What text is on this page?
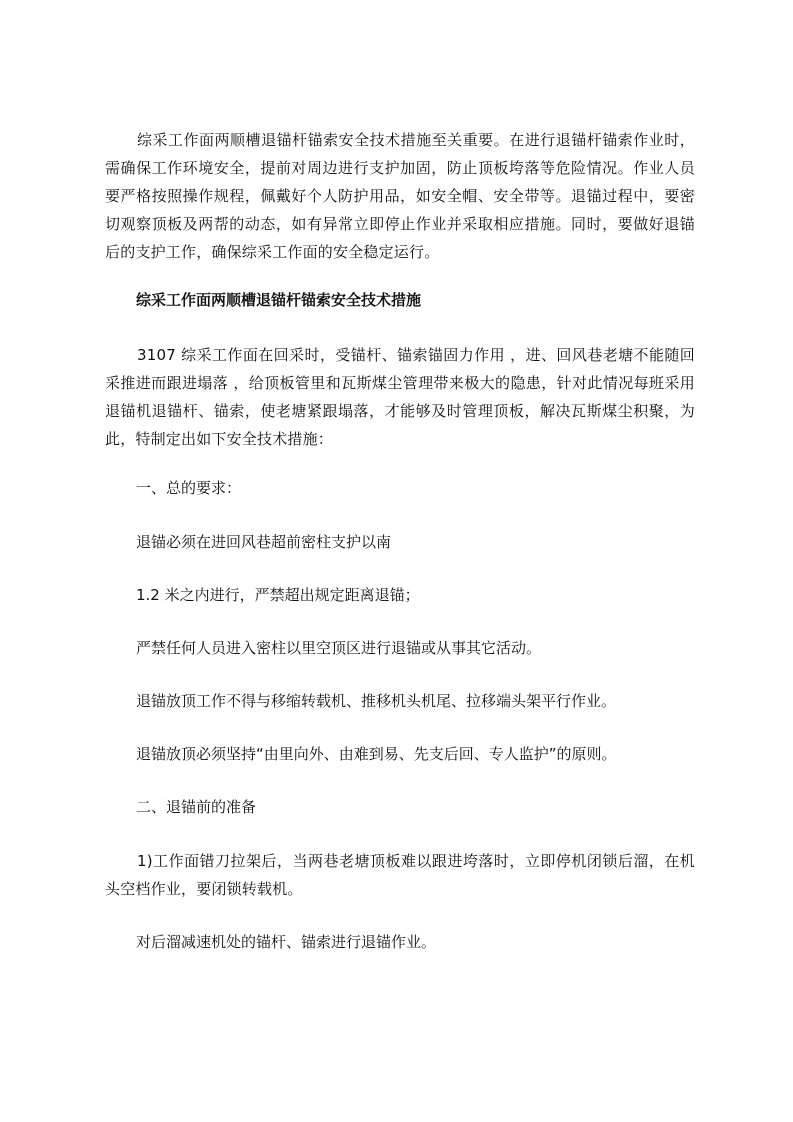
综采工作面两顺槽退锚杆锚索安全技术措施至关重要。在进行退锚杆锚索作业时，需确保工作环境安全，提前对周边进行支护加固，防止顶板垮落等危险情况。作业人员要严格按照操作规程，佩戴好个人防护用品，如安全帽、安全带等。退锚过程中，要密切观察顶板及两帮的动态，如有异常立即停止作业并采取相应措施。同时，要做好退锚后的支护工作，确保综采工作面的安全稳定运行。

综采工作面两顺槽退锚杆锚索安全技术措施

3107 综采工作面在回采时，受锚杆、锚索锚固力作用 ，进、回风巷老塘不能随回采推进而跟进塌落 ，给顶板管里和瓦斯煤尘管理带来极大的隐患，针对此情况每班采用退锚机退锚杆、锚索，使老塘紧跟塌落，才能够及时管理顶板，解决瓦斯煤尘积聚，为此，特制定出如下安全技术措施：

一、总的要求：

退锚必须在进回风巷超前密柱支护以南

1.2 米之内进行，严禁超出规定距离退锚；

严禁任何人员进入密柱以里空顶区进行退锚或从事其它活动。

退锚放顶工作不得与移缩转载机、推移机头机尾、拉移端头架平行作业。

退锚放顶必须坚持“由里向外、由难到易、先支后回、专人监护”的原则。

二、退锚前的准备

1)工作面错刀拉架后，当两巷老塘顶板难以跟进垮落时，立即停机闭锁后溜，在机头空档作业，要闭锁转载机。

对后溜减速机处的锚杆、锚索进行退锚作业。
